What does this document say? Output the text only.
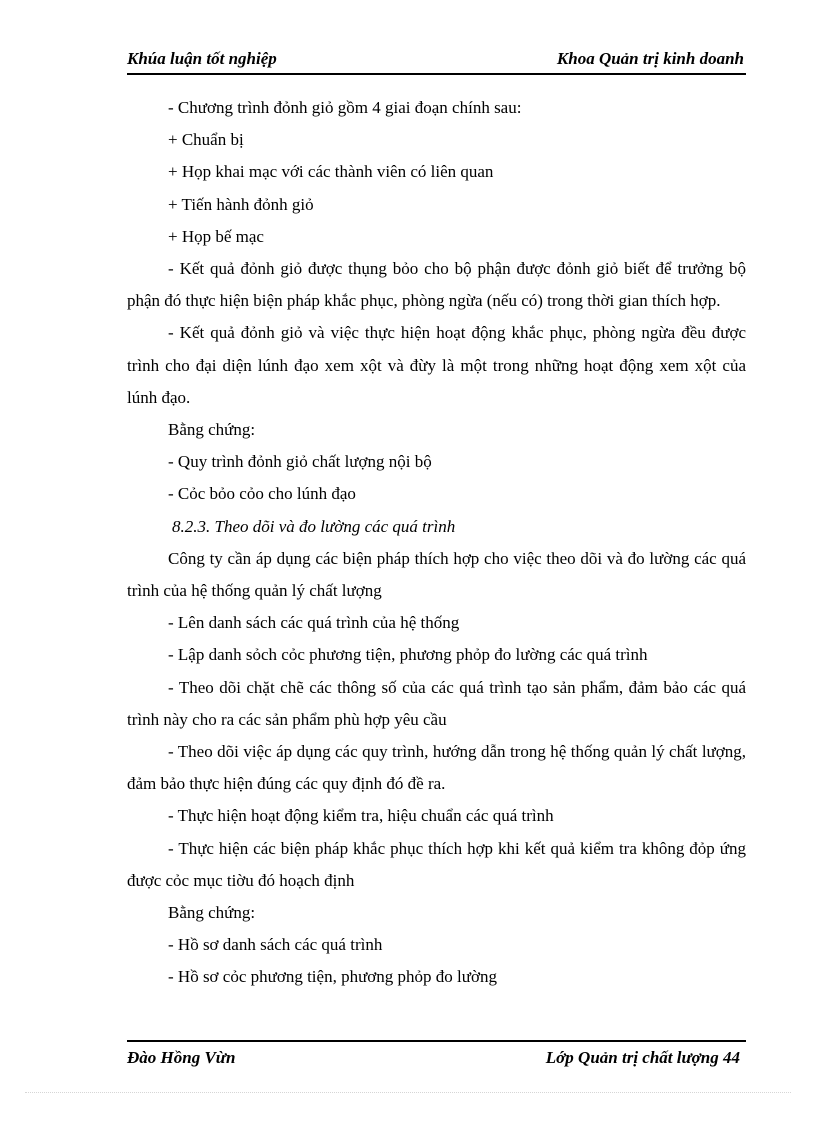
Khúa luận tốt nghiệp	Khoa Quản trị kinh doanh

- Chương trình đỏnh giỏ gồm 4 giai đoạn chính sau:

+ Chuẩn bị

+ Họp khai mạc với các thành viên có liên quan

+ Tiến hành đỏnh giỏ

+ Họp bế mạc

- Kết quả đỏnh giỏ được thụng bỏo cho bộ phận được đỏnh giỏ biết để trưởng bộ phận đó thực hiện biện pháp khắc phục, phòng ngừa (nếu có) trong thời gian thích hợp.

- Kết quả đỏnh giỏ và việc thực hiện hoạt động khắc phục, phòng ngừa đều được trình cho đại diện lúnh đạo xem xột và đừy là một trong những hoạt động xem xột của lúnh đạo.

Bằng chứng:

- Quy trình đỏnh giỏ chất lượng nội bộ

- Cỏc bỏo cỏo cho lúnh đạo

8.2.3. Theo dõi và đo lường các quá trình

Công ty cần áp dụng các biện pháp thích hợp cho việc theo dõi và đo lường các quá trình của hệ thống quản lý chất lượng

- Lên danh sách các quá trình của hệ thống

- Lập danh sỏch cỏc phương tiện, phương phỏp đo lường các quá trình

- Theo dõi chặt chẽ các thông số của các quá trình tạo sản phẩm, đảm bảo các quá trình này cho ra các sản phẩm phù hợp yêu cầu

- Theo dõi việc áp dụng các quy trình, hướng dẫn trong hệ thống quản lý chất lượng, đảm bảo thực hiện đúng các quy định đó đề ra.

- Thực hiện hoạt động kiểm tra, hiệu chuẩn các quá trình

- Thực hiện các biện pháp khắc phục thích hợp khi kết quả kiểm tra không đỏp ứng được cỏc mục tiờu đó hoạch định

Bằng chứng:

- Hồ sơ danh sách các quá trình

- Hồ sơ cỏc phương tiện, phương phỏp đo lường

Đào Hồng Vừn	Lớp Quản trị chất lượng 44
